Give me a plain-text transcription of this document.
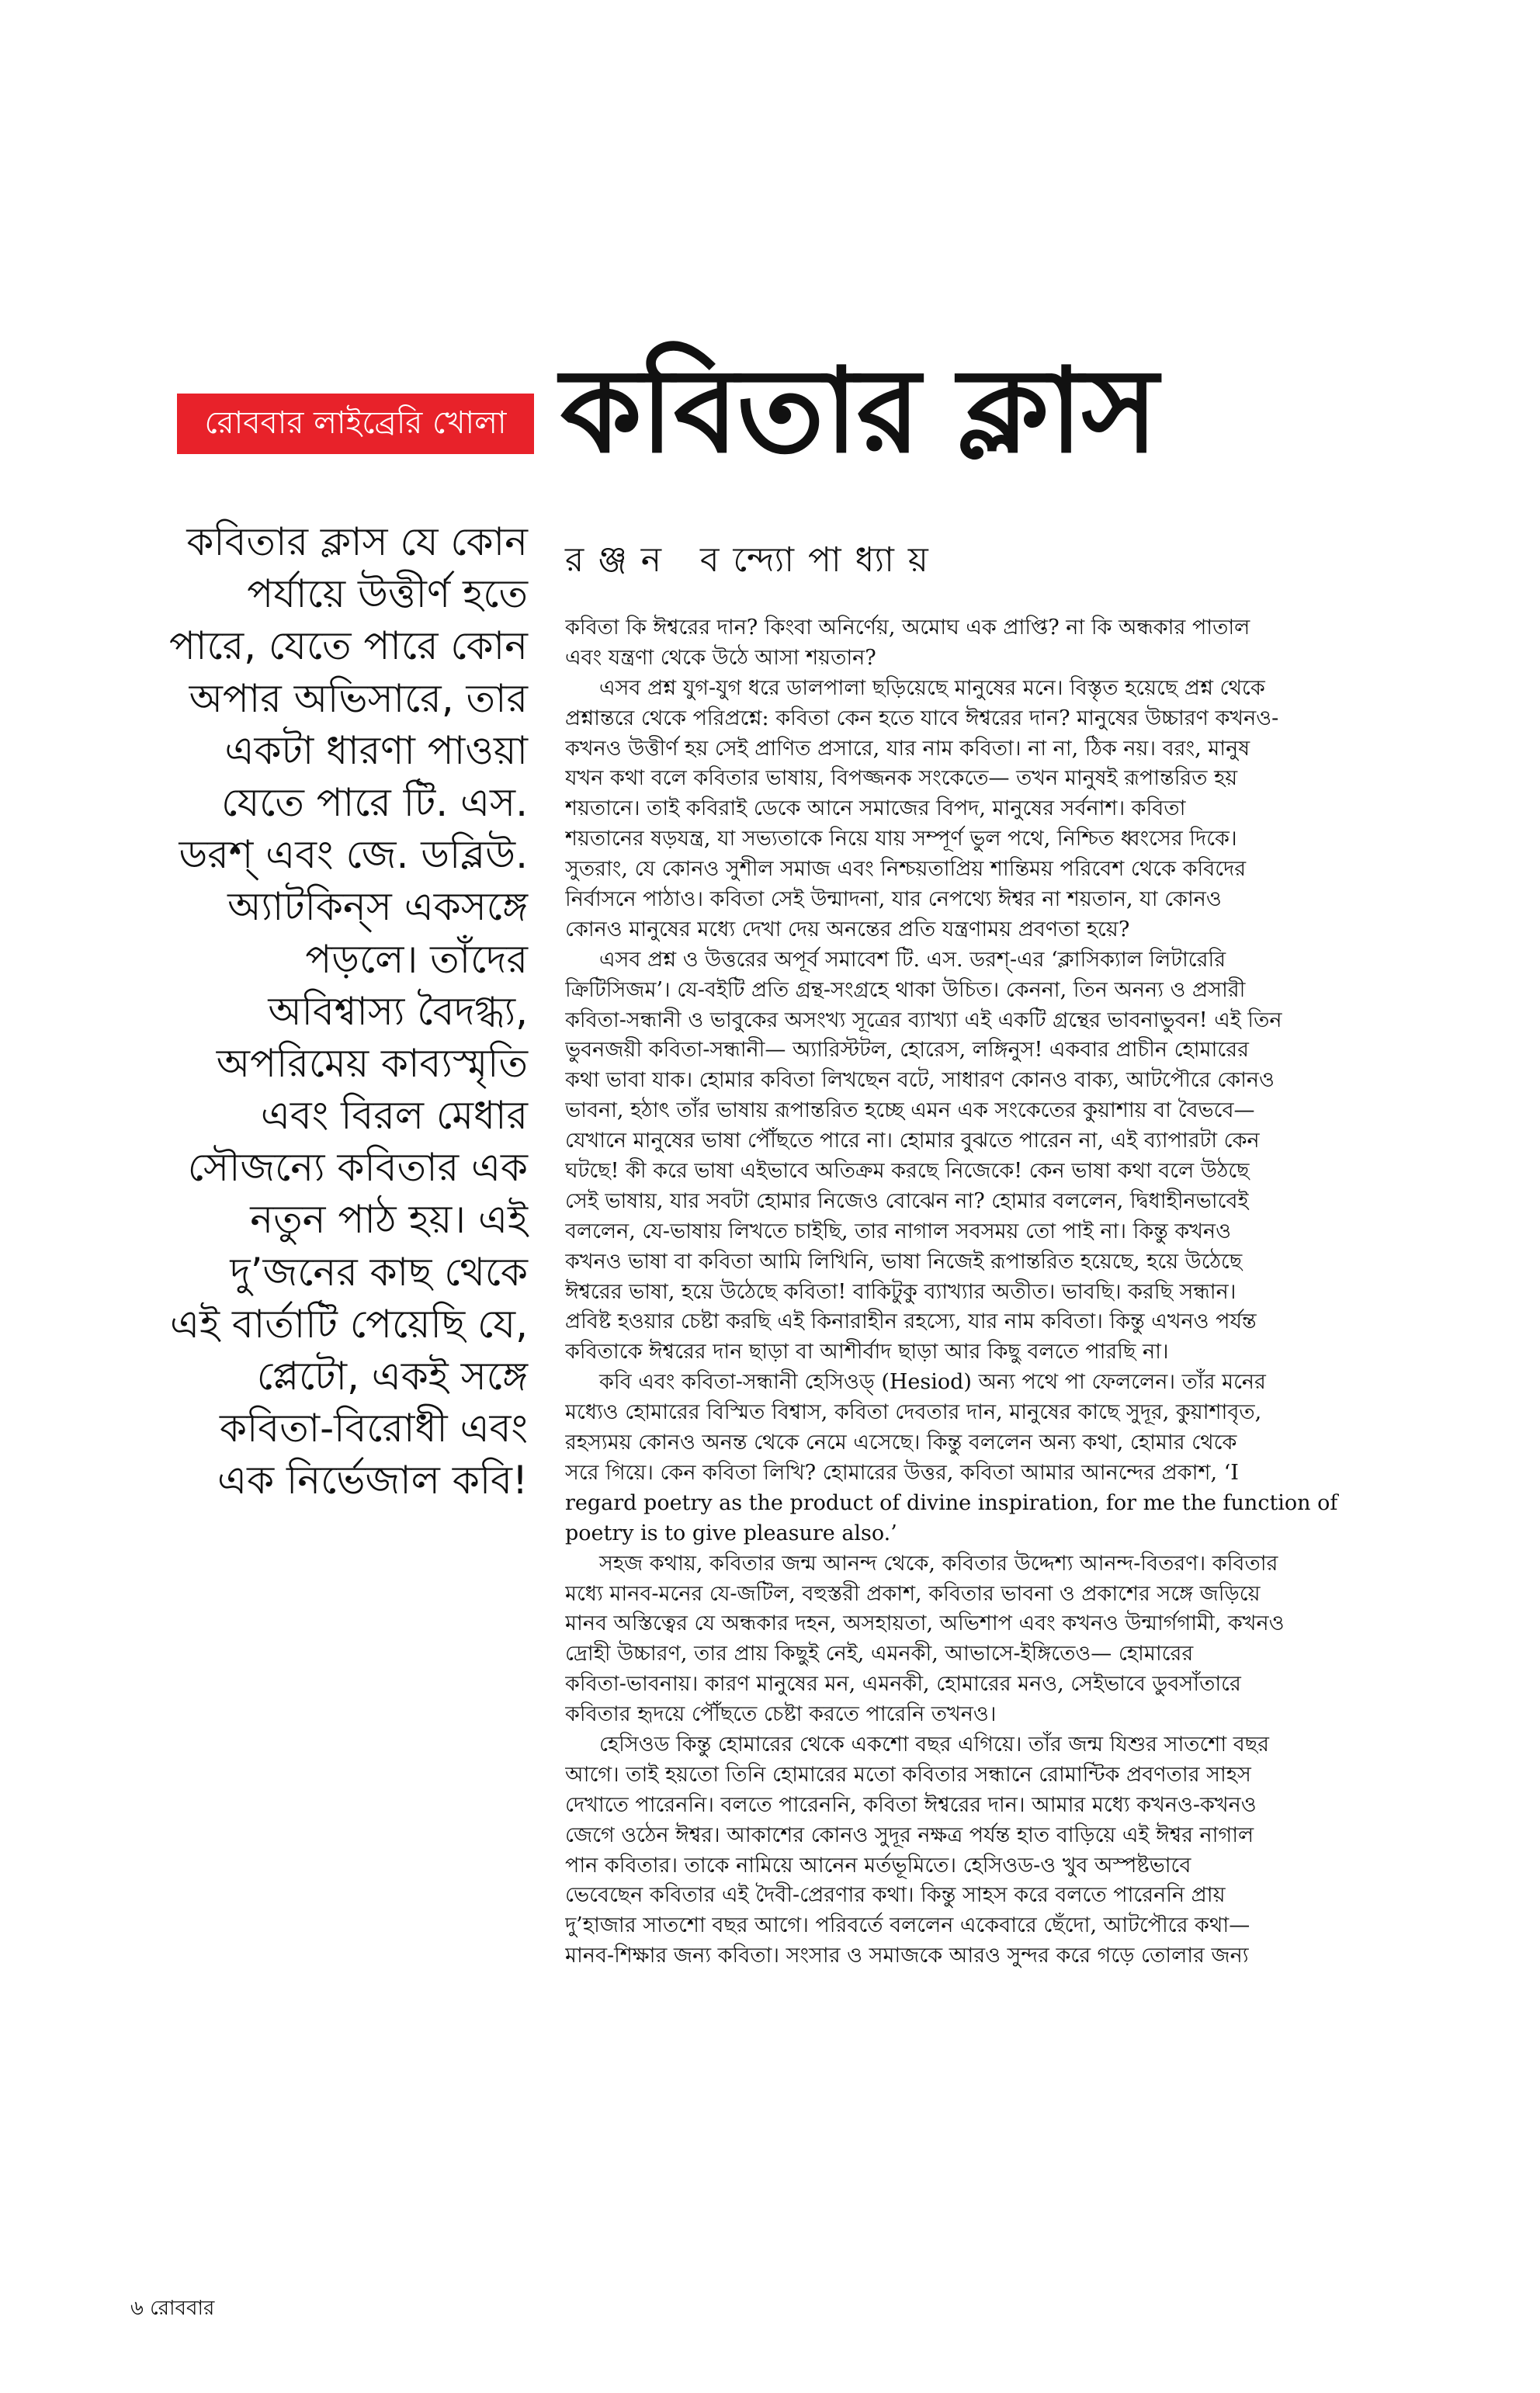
রোববার লাইব্রেরি খোলা কবিতার ক্লাস
রঞ্জন বন্দ্যোপাধ্যায়
কবিতার ক্লাস যে কোন
পর্যায়ে উত্তীর্ণ হতে
পারে, যেতে পারে কোন
অপার অভিসারে, তার
একটা ধারণা পাওয়া
যেতে পারে টি. এস.
ডরশ্‌ এবং জে. ডব্লিউ.
অ্যাটকিন্‌স একসঙ্গে
পড়লে। তাঁদের
অবিশ্বাস্য বৈদগ্ধ্য,
অপরিমেয় কাব্যস্মৃতি
এবং বিরল মেধার
সৌজন্যে কবিতার এক
নতুন পাঠ হয়। এই
দু’জনের কাছ থেকে
এই বার্তাটি পেয়েছি যে,
প্লেটো, একই সঙ্গে
কবিতা-বিরোধী এবং
এক নির্ভেজাল কবি!
কবিতা কি ঈশ্বরের দান? কিংবা অনির্ণেয়, অমোঘ এক প্রাপ্তি? না কি অন্ধকার পাতাল
এবং যন্ত্রণা থেকে উঠে আসা শয়তান?
এসব প্রশ্ন যুগ-যুগ ধরে ডালপালা ছড়িয়েছে মানুষের মনে। বিস্তৃত হয়েছে প্রশ্ন থেকে
প্রশ্নান্তরে থেকে পরিপ্রশ্নে: কবিতা কেন হতে যাবে ঈশ্বরের দান? মানুষের উচ্চারণ কখনও-
কখনও উত্তীর্ণ হয় সেই প্রাণিত প্রসারে, যার নাম কবিতা। না না, ঠিক নয়। বরং, মানুষ
যখন কথা বলে কবিতার ভাষায়, বিপজ্জনক সংকেতে— তখন মানুষই রূপান্তরিত হয়
শয়তানে। তাই কবিরাই ডেকে আনে সমাজের বিপদ, মানুষের সর্বনাশ। কবিতা
শয়তানের ষড়যন্ত্র, যা সভ্যতাকে নিয়ে যায় সম্পূর্ণ ভুল পথে, নিশ্চিত ধ্বংসের দিকে।
সুতরাং, যে কোনও সুশীল সমাজ এবং নিশ্চয়তাপ্রিয় শান্তিময় পরিবেশ থেকে কবিদের
নির্বাসনে পাঠাও। কবিতা সেই উন্মাদনা, যার নেপথ্যে ঈশ্বর না শয়তান, যা কোনও
কোনও মানুষের মধ্যে দেখা দেয় অনন্তের প্রতি যন্ত্রণাময় প্রবণতা হয়ে?
এসব প্রশ্ন ও উত্তরের অপূর্ব সমাবেশ টি. এস. ডরশ্‌-এর ‘ক্লাসিক্যাল লিটারেরি
ক্রিটিসিজম’। যে-বইটি প্রতি গ্রন্থ-সংগ্রহে থাকা উচিত। কেননা, তিন অনন্য ও প্রসারী
কবিতা-সন্ধানী ও ভাবুকের অসংখ্য সূত্রের ব্যাখ্যা এই একটি গ্রন্থের ভাবনাভুবন! এই তিন
ভুবনজয়ী কবিতা-সন্ধানী— অ্যারিস্টটল, হোরেস, লঙ্গিনুস! একবার প্রাচীন হোমারের
কথা ভাবা যাক। হোমার কবিতা লিখছেন বটে, সাধারণ কোনও বাক্য, আটপৌরে কোনও
ভাবনা, হঠাৎ তাঁর ভাষায় রূপান্তরিত হচ্ছে এমন এক সংকেতের কুয়াশায় বা বৈভবে—
যেখানে মানুষের ভাষা পৌঁছতে পারে না। হোমার বুঝতে পারেন না, এই ব্যাপারটা কেন
ঘটছে! কী করে ভাষা এইভাবে অতিক্রম করছে নিজেকে! কেন ভাষা কথা বলে উঠছে
সেই ভাষায়, যার সবটা হোমার নিজেও বোঝেন না? হোমার বললেন, দ্বিধাহীনভাবেই
বললেন, যে-ভাষায় লিখতে চাইছি, তার নাগাল সবসময় তো পাই না। কিন্তু কখনও
কখনও ভাষা বা কবিতা আমি লিখিনি, ভাষা নিজেই রূপান্তরিত হয়েছে, হয়ে উঠেছে
ঈশ্বরের ভাষা, হয়ে উঠেছে কবিতা! বাকিটুকু ব্যাখ্যার অতীত। ভাবছি। করছি সন্ধান।
প্রবিষ্ট হওয়ার চেষ্টা করছি এই কিনারাহীন রহস্যে, যার নাম কবিতা। কিন্তু এখনও পর্যন্ত
কবিতাকে ঈশ্বরের দান ছাড়া বা আশীর্বাদ ছাড়া আর কিছু বলতে পারছি না।
কবি এবং কবিতা-সন্ধানী হেসিওড্‌ (Hesiod) অন্য পথে পা ফেললেন। তাঁর মনের
মধ্যেও হোমারের বিস্মিত বিশ্বাস, কবিতা দেবতার দান, মানুষের কাছে সুদূর, কুয়াশাবৃত,
রহস্যময় কোনও অনন্ত থেকে নেমে এসেছে। কিন্তু বললেন অন্য কথা, হোমার থেকে
সরে গিয়ে। কেন কবিতা লিখি? হোমারের উত্তর, কবিতা আমার আনন্দের প্রকাশ, ‘I
regard poetry as the product of divine inspiration, for me the function of
poetry is to give pleasure also.’
সহজ কথায়, কবিতার জন্ম আনন্দ থেকে, কবিতার উদ্দেশ্য আনন্দ-বিতরণ। কবিতার
মধ্যে মানব-মনের যে-জটিল, বহুস্তরী প্রকাশ, কবিতার ভাবনা ও প্রকাশের সঙ্গে জড়িয়ে
মানব অস্তিত্বের যে অন্ধকার দহন, অসহায়তা, অভিশাপ এবং কখনও উন্মার্গগামী, কখনও
দ্রোহী উচ্চারণ, তার প্রায় কিছুই নেই, এমনকী, আভাসে-ইঙ্গিতেও— হোমারের
কবিতা-ভাবনায়। কারণ মানুষের মন, এমনকী, হোমারের মনও, সেইভাবে ডুবসাঁতারে
কবিতার হৃদয়ে পৌঁছতে চেষ্টা করতে পারেনি তখনও।
হেসিওড কিন্তু হোমারের থেকে একশো বছর এগিয়ে। তাঁর জন্ম যিশুর সাতশো বছর
আগে। তাই হয়তো তিনি হোমারের মতো কবিতার সন্ধানে রোমান্টিক প্রবণতার সাহস
দেখাতে পারেননি। বলতে পারেননি, কবিতা ঈশ্বরের দান। আমার মধ্যে কখনও-কখনও
জেগে ওঠেন ঈশ্বর। আকাশের কোনও সুদূর নক্ষত্র পর্যন্ত হাত বাড়িয়ে এই ঈশ্বর নাগাল
পান কবিতার। তাকে নামিয়ে আনেন মর্তভূমিতে। হেসিওড-ও খুব অস্পষ্টভাবে
ভেবেছেন কবিতার এই দৈবী-প্রেরণার কথা। কিন্তু সাহস করে বলতে পারেননি প্রায়
দু’হাজার সাতশো বছর আগে। পরিবর্তে বললেন একেবারে ছেঁদো, আটপৌরে কথা—
মানব-শিক্ষার জন্য কবিতা। সংসার ও সমাজকে আরও সুন্দর করে গড়ে তোলার জন্য
৬ রোববার
